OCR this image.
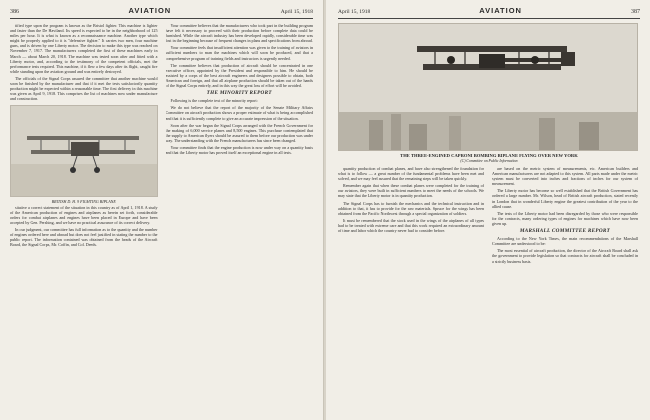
386	AVIATION	April 15, 1918

tified type upon the program is known as the Bristol fighter. This machine is lighter and faster than the De Haviland. Its speed is expected to be in the neighborhood of 125 miles per hour. It is what is known as a reconnaissance machine. Another type which might be properly applied to it is "defensive fighter." It carries two men, four machine guns, and is driven by one Liberty motor. The decision to make this type was reached on November 7, 1917. The manufacturers completed the first of these machines early in March — about March 20, 1918. The machine was tested soon after and fitted with a Liberty motor, and, according to the testimony of the competent officials, met the performance tests required. This machine, if it flew a few days after its flight, caught fire while standing upon the aviation ground and was entirely destroyed.

The officials of the Signal Corps assured the committee that another machine would soon be finished by the manufacturer and that if it met the tests satisfactorily quantity production might be expected within a reasonable time. The first delivery in this machine was given as April 9, 1918. This comprises the list of machines now under manufacture and construction.

BRITISH D. H. 9 FIGHTING BIPLANE

sitative a correct statement of the situation in this country as of April 1, 1918. A study of the American production of engines and airplanes as herein set forth, considerable orders for combat airplanes and engines have been placed in Europe and have been accepted by Gen. Pershing, and we have no practical assurance of its correct delivery.

In our judgment, our committee has full information as to the quantity and the number of engines ordered here and abroad but does not feel justified in stating the number to the public report. The information contained was obtained from the heads of the Aircraft Board, the Signal Corps, Mr. Coffin, and Col. Deeds.

Your committee believes that the manufacturers who took part in the building program have felt it necessary to proceed with their production before complete data could be furnished. While the aircraft industry has been developed rapidly, considerable time was lost in the beginning because of frequent changes in plans and specifications from abroad.

Your committee feels that insufficient attention was given to the training of aviators in sufficient numbers to man the machines which will soon be produced, and that a comprehensive program of training fields and instructors is urgently needed.

The committee believes that production of aircraft should be concentrated in one executive officer, appointed by the President and responsible to him. He should be assisted by a corps of the best aircraft engineers and designers possible to obtain, both American and foreign, and that all airplane production should be taken out of the hands of the Signal Corps entirely, and in this way the great loss of effort will be avoided.

THE MINORITY REPORT

Following is the complete text of the minority report:

We do not believe that the report of the majority of the Senate Military Affairs Committee on aircraft production shows a proper estimate of what is being accomplished and that it is sufficiently complete to give an accurate impression of the situation.

Soon after the war began the Signal Corps arranged with the French Government for the making of 6,000 service planes and 8,500 engines. This purchase contemplated that the supply to American flyers should be assured to them before our production was under way. The understanding with the French manufacturers has since been changed.

Your committee finds that the engine production is now under way on a quantity basis and that the Liberty motor has proved itself an exceptional engine in all tests.

April 15, 1918	AVIATION	387
THE THREE-ENGINED CAPRONI BOMBING BIPLANE FLYING OVER NEW YORK
(C) Committee on Public Information

quantity production of combat planes, and have also strengthened the foundation for what is to follow — a great number of the fundamental problems have been met and solved, and we may feel assured that the remaining steps will be taken quickly.

Remember again that when these combat planes were completed for the training of our aviators, they were built in sufficient numbers to meet the needs of the schools. We may state that the Liberty motor is in quantity production.

The Signal Corps has to furnish the mechanics and the technical instruction and in addition to that, it has to provide for the raw materials. Spruce for the wings has been obtained from the Pacific Northwest through a special organization of soldiers.

It must be remembered that the stock used in the wings of the airplanes of all types had to be treated with extreme care and that this work required an extraordinary amount of time and labor which the country never had to consider before.

are based on the metric system of measurements, etc. American builders and American manufacturers are not adapted to this system. All parts made under the metric system must be converted into inches and fractions of inches for our system of measurement.

The Liberty motor has become so well established that the British Government has ordered a large number. Mr. Wilson, head of British aircraft production, stated recently in London that in wonderful Liberty engine the greatest contribution of the year to the allied cause.

The tests of the Liberty motor had been disregarded by those who were responsible for the contracts, many ordering types of engines for machines which have now been given up.

MARSHALL COMMITTEE REPORT

According to the New York Times, the main recommendations of the Marshall Committee are understood to be:

The most essential of aircraft production, the director of the Aircraft Board shall ask the government to provide legislation so that contracts for aircraft shall be concluded in a strictly business basis.
